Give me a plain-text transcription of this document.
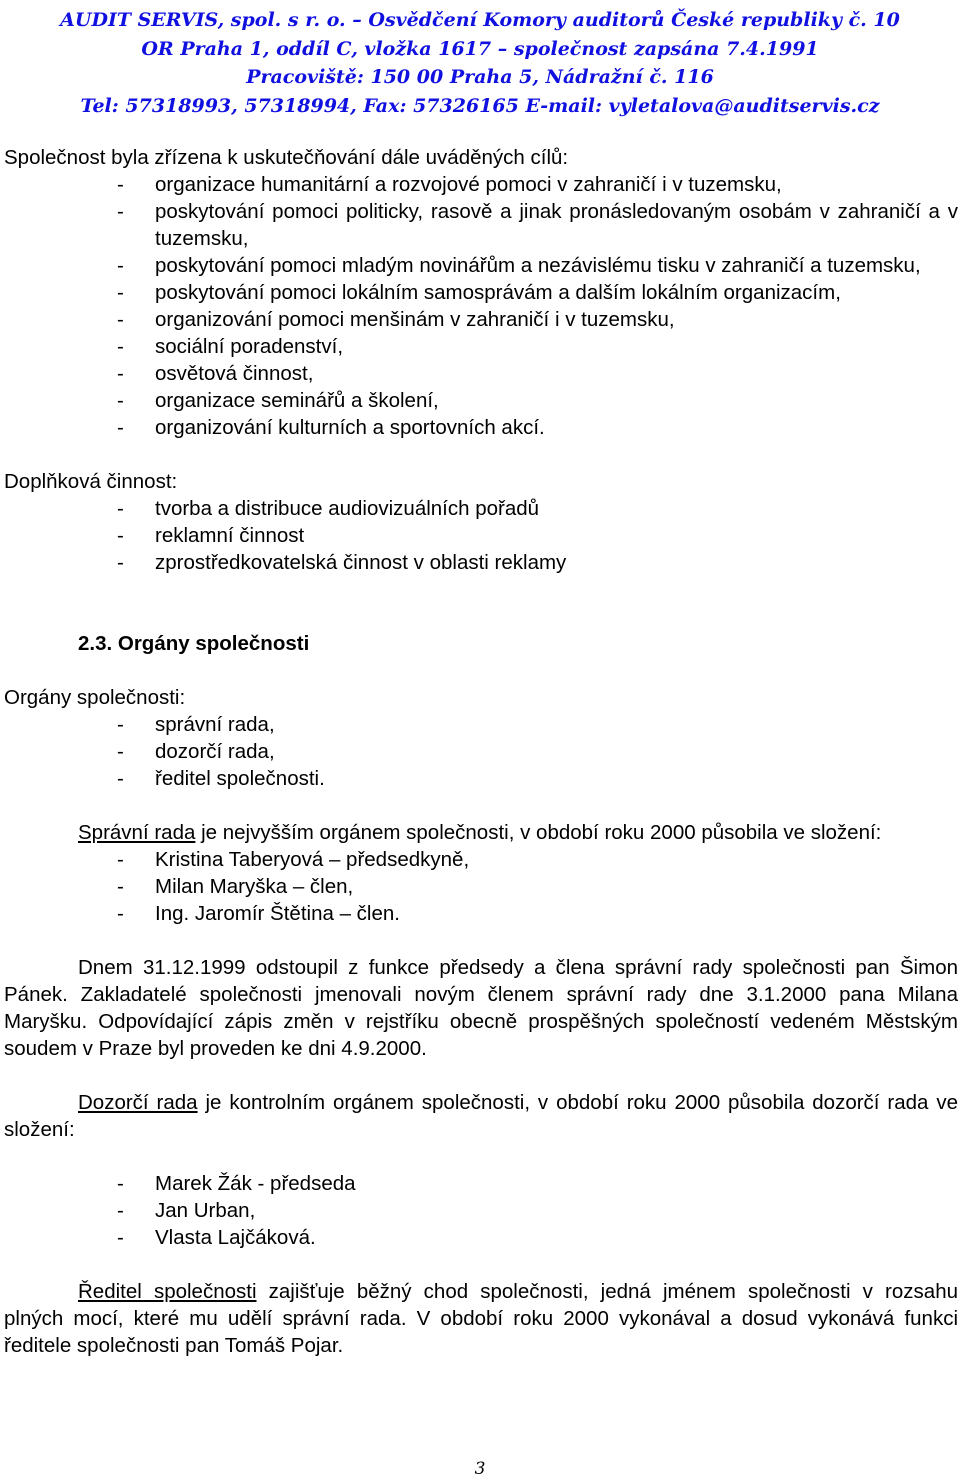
AUDIT SERVIS, spol. s r. o. – Osvědčení Komory auditorů České republiky č. 10
OR Praha 1, oddíl C, vložka 1617 – společnost zapsána 7.4.1991
Pracoviště: 150 00 Praha 5, Nádražní č. 116
Tel: 57318993, 57318994, Fax: 57326165 E-mail: vyletalova@auditservis.cz

Společnost byla zřízena k uskutečňování dále uváděných cílů:

- organizace humanitární a rozvojové pomoci v zahraničí i v tuzemsku,
- poskytování pomoci politicky, rasově a jinak pronásledovaným osobám v zahraničí a v tuzemsku,
- poskytování pomoci mladým novinářům a nezávislému tisku v zahraničí a tuzemsku,
- poskytování pomoci lokálním samosprávám a dalším lokálním organizacím,
- organizování pomoci menšinám v zahraničí i v tuzemsku,
- sociální poradenství,
- osvětová činnost,
- organizace seminářů a školení,
- organizování kulturních a sportovních akcí.

Doplňková činnost:

- tvorba a distribuce audiovizuálních pořadů
- reklamní činnost
- zprostředkovatelská činnost v oblasti reklamy

2.3. Orgány společnosti

Orgány společnosti:

- správní rada,
- dozorčí rada,
- ředitel společnosti.

Správní rada je nejvyšším orgánem společnosti, v období roku 2000 působila ve složení:

- Kristina Taberyová – předsedkyně,
- Milan Maryška – člen,
- Ing. Jaromír Štětina – člen.

Dnem 31.12.1999 odstoupil z funkce předsedy a člena správní rady společnosti pan Šimon Pánek. Zakladatelé společnosti jmenovali novým členem správní rady dne 3.1.2000 pana Milana Maryšku. Odpovídající zápis změn v rejstříku obecně prospěšných společností vedeném Městským soudem v Praze byl proveden ke dni 4.9.2000.

Dozorčí rada je kontrolním orgánem společnosti, v období roku 2000 působila dozorčí rada ve složení:

- Marek Žák - předseda
- Jan Urban,
- Vlasta Lajčáková.

Ředitel společnosti zajišťuje běžný chod společnosti, jedná jménem společnosti v rozsahu plných mocí, které mu udělí správní rada. V období roku 2000 vykonával a dosud vykonává funkci ředitele společnosti pan Tomáš Pojar.

3
